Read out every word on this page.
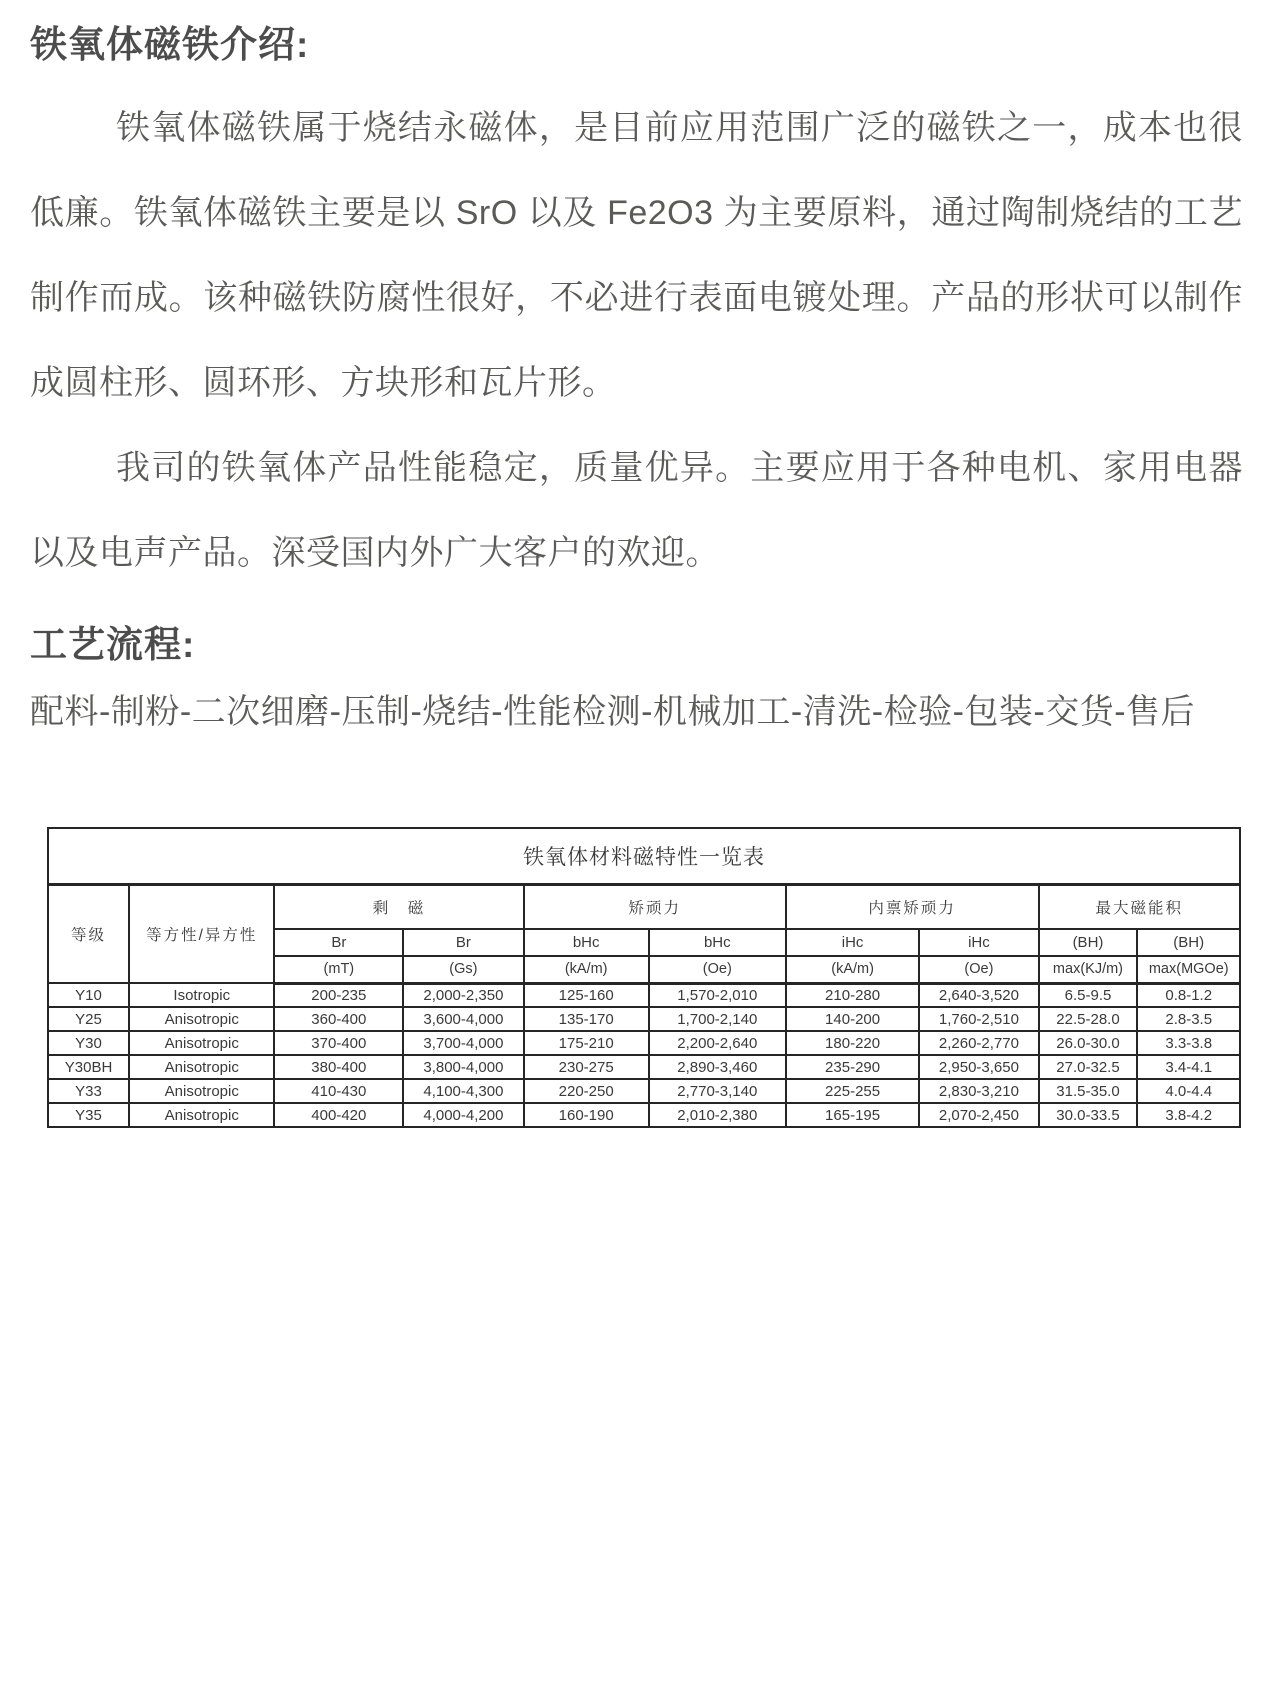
铁氧体磁铁介绍:

铁氧体磁铁属于烧结永磁体，是目前应用范围广泛的磁铁之一，成本也很低廉。铁氧体磁铁主要是以 SrO 以及 Fe2O3 为主要原料，通过陶制烧结的工艺制作而成。该种磁铁防腐性很好，不必进行表面电镀处理。产品的形状可以制作成圆柱形、圆环形、方块形和瓦片形。

我司的铁氧体产品性能稳定，质量优异。主要应用于各种电机、家用电器以及电声产品。深受国内外广大客户的欢迎。

工艺流程:

配料-制粉-二次细磨-压制-烧结-性能检测-机械加工-清洗-检验-包装-交货-售后

铁氧体材料磁特性一览表									
等级	等方性/异方性	剩　磁		矫顽力		内禀矫顽力		最大磁能积	
		Br	Br	bHc	bHc	iHc	iHc	(BH)	(BH)
		(mT)	(Gs)	(kA/m)	(Oe)	(kA/m)	(Oe)	max(KJ/m)	max(MGOe)
Y10	Isotropic	200-235	2,000-2,350	125-160	1,570-2,010	210-280	2,640-3,520	6.5-9.5	0.8-1.2
Y25	Anisotropic	360-400	3,600-4,000	135-170	1,700-2,140	140-200	1,760-2,510	22.5-28.0	2.8-3.5
Y30	Anisotropic	370-400	3,700-4,000	175-210	2,200-2,640	180-220	2,260-2,770	26.0-30.0	3.3-3.8
Y30BH	Anisotropic	380-400	3,800-4,000	230-275	2,890-3,460	235-290	2,950-3,650	27.0-32.5	3.4-4.1
Y33	Anisotropic	410-430	4,100-4,300	220-250	2,770-3,140	225-255	2,830-3,210	31.5-35.0	4.0-4.4
Y35	Anisotropic	400-420	4,000-4,200	160-190	2,010-2,380	165-195	2,070-2,450	30.0-33.5	3.8-4.2
